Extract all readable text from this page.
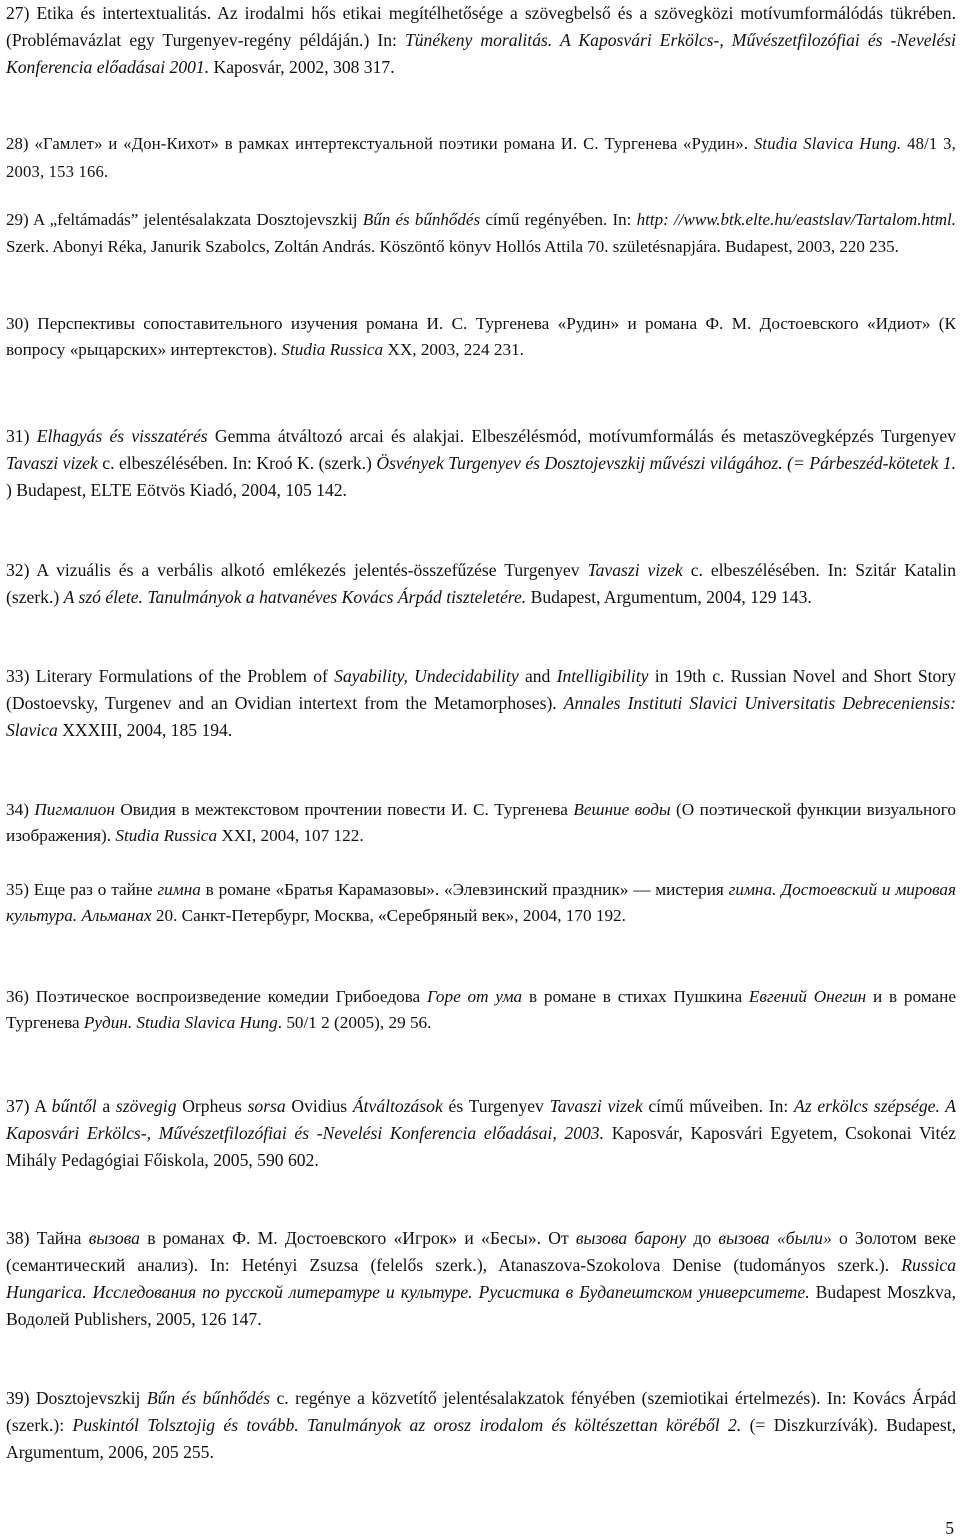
27) Etika és intertextualitás. Az irodalmi hős etikai megítélhetősége a szövegbelső és a szövegközi motívumformálódás tükrében. (Problémavázlat egy Turgenyev-regény példáján.) In: Tünékeny moralitás. A Kaposvári Erkölcs-, Művészetfilozófiai és -Nevelési Konferencia előadásai 2001. Kaposvár, 2002, 308 317.

28) «Гамлет» и «Дон-Кихот» в рамках интертекстуальной поэтики романа И. С. Тургенева «Рудин». Studia Slavica Hung. 48/1 3, 2003, 153 166.

29) A „feltámadás” jelentésalakzata Dosztojevszkij Bűn és bűnhődés című regényében. In: http: //www.btk.elte.hu/eastslav/Tartalom.html. Szerk. Abonyi Réka, Janurik Szabolcs, Zoltán András. Köszöntő könyv Hollós Attila 70. születésnapjára. Budapest, 2003, 220 235.

30) Перспективы сопоставительного изучения романа И. С. Тургенева «Рудин» и романа Ф. М. Достоевского «Идиот» (К вопросу «рыцарских» интертекстов). Studia Russica XX, 2003, 224 231.

31) Elhagyás és visszatérés Gemma átváltozó arcai és alakjai. Elbeszélésmód, motívumformálás és metaszövegképzés Turgenyev Tavaszi vizek c. elbeszélésében. In: Kroó K. (szerk.) Ösvények Turgenyev és Dosztojevszkij művészi világához. (= Párbeszéd-kötetek 1. ) Budapest, ELTE Eötvös Kiadó, 2004, 105 142.

32) A vizuális és a verbális alkotó emlékezés jelentés-összefűzése Turgenyev Tavaszi vizek c. elbeszélésében. In: Szitár Katalin (szerk.) A szó élete. Tanulmányok a hatvanéves Kovács Árpád tiszteletére. Budapest, Argumentum, 2004, 129 143.

33) Literary Formulations of the Problem of Sayability, Undecidability and Intelligibility in 19th c. Russian Novel and Short Story (Dostoevsky, Turgenev and an Ovidian intertext from the Metamorphoses). Annales Instituti Slavici Universitatis Debreceniensis: Slavica XXXIII, 2004, 185 194.

34) Пигмалион Овидия в межтекстовом прочтении повести И. С. Тургенева Вешние воды (О поэтической функции визуального изображения). Studia Russica XXI, 2004, 107 122.

35) Еще раз о тайне гимна в романе «Братья Карамазовы». «Элевзинский праздник» — мистерия гимна. Достоевский и мировая культура. Альманах 20. Санкт-Петербург, Москва, «Серебряный век», 2004, 170 192.

36) Поэтическое воспроизведение комедии Грибоедова Горе от ума в романе в стихах Пушкина Евгений Онегин и в романе Тургенева Рудин. Studia Slavica Hung. 50/1 2 (2005), 29 56.

37) A bűntől a szövegig Orpheus sorsa Ovidius Átváltozások és Turgenyev Tavaszi vizek című műveiben. In: Az erkölcs szépsége. A Kaposvári Erkölcs-, Művészetfilozófiai és -Nevelési Konferencia előadásai, 2003. Kaposvár, Kaposvári Egyetem, Csokonai Vitéz Mihály Pedagógiai Főiskola, 2005, 590 602.

38) Тайна вызова в романах Ф. М. Достоевского «Игрок» и «Бесы». От вызова барону до вызова «были» о Золотом веке (семантический анализ). In: Hetényi Zsuzsa (felelős szerk.), Atanaszova-Szokolova Denise (tudományos szerk.). Russica Hungarica. Исследования по русской литературе и культуре. Русистика в Будапештском университете. Budapest Moszkva, Водолей Publishers, 2005, 126 147.

39) Dosztojevszkij Bűn és bűnhődés c. regénye a közvetítő jelentésalakzatok fényében (szemiotikai értelmezés). In: Kovács Árpád (szerk.): Puskintól Tolsztojig és tovább. Tanulmányok az orosz irodalom és költészettan köréből 2. (= Diszkurzívák). Budapest, Argumentum, 2006, 205 255.

5
